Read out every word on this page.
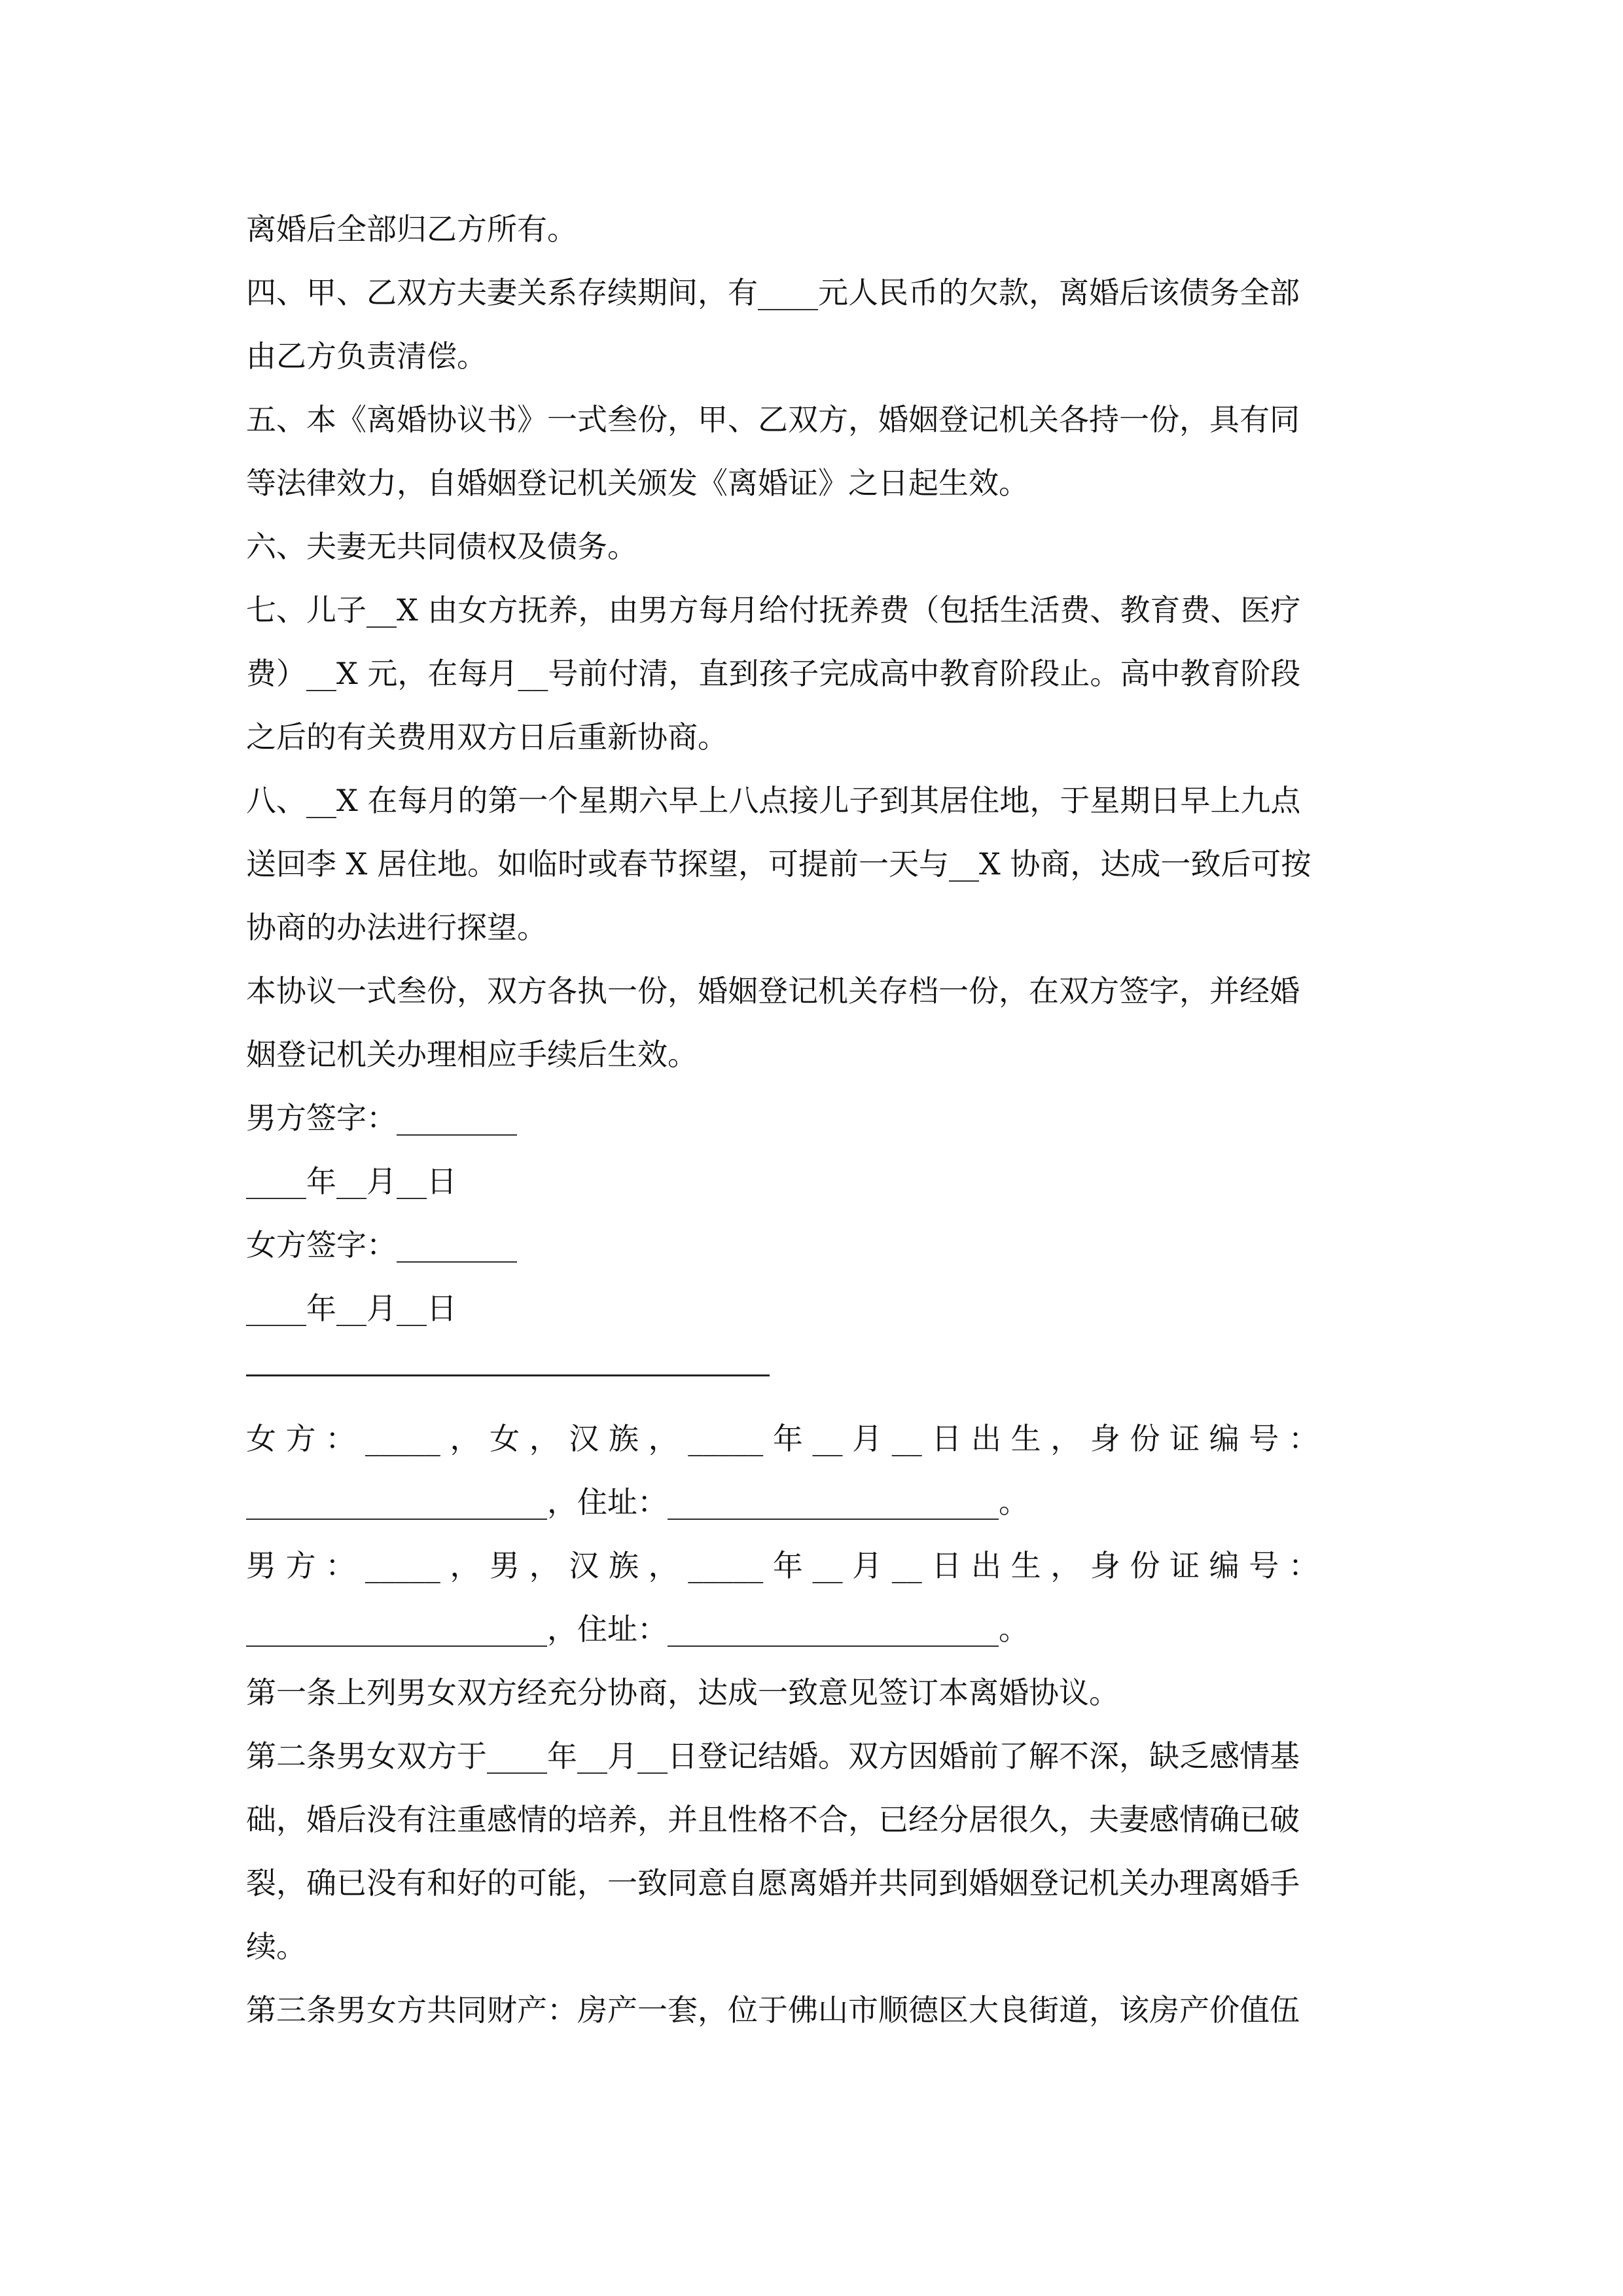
离婚后全部归乙方所有。

四、甲、乙双方夫妻关系存续期间，有____元人民币的欠款，离婚后该债务全部

由乙方负责清偿。

五、本《离婚协议书》一式叁份，甲、乙双方，婚姻登记机关各持一份，具有同

等法律效力，自婚姻登记机关颁发《离婚证》之日起生效。

六、夫妻无共同债权及债务。

七、儿子__X 由女方抚养，由男方每月给付抚养费（包括生活费、教育费、医疗

费）__X 元，在每月__号前付清，直到孩子完成高中教育阶段止。高中教育阶段

之后的有关费用双方日后重新协商。

八、__X 在每月的第一个星期六早上八点接儿子到其居住地，于星期日早上九点

送回李 X 居住地。如临时或春节探望，可提前一天与__X 协商，达成一致后可按

协商的办法进行探望。

本协议一式叁份，双方各执一份，婚姻登记机关存档一份，在双方签字，并经婚

姻登记机关办理相应手续后生效。

男方签字：________

____年__月__日

女方签字：________

____年__月__日

女 方 ： _____ ， 女 ， 汉 族 ， _____ 年 __ 月 __ 日 出 生 ， 身 份 证 编 号 ：

____________________，住址：______________________。

男 方 ： _____ ， 男 ， 汉 族 ， _____ 年 __ 月 __ 日 出 生 ， 身 份 证 编 号 ：

____________________，住址：______________________。

第一条上列男女双方经充分协商，达成一致意见签订本离婚协议。

第二条男女双方于____年__月__日登记结婚。双方因婚前了解不深，缺乏感情基

础，婚后没有注重感情的培养，并且性格不合，已经分居很久，夫妻感情确已破

裂，确已没有和好的可能，一致同意自愿离婚并共同到婚姻登记机关办理离婚手

续。

第三条男女方共同财产：房产一套，位于佛山市顺德区大良街道，该房产价值伍
